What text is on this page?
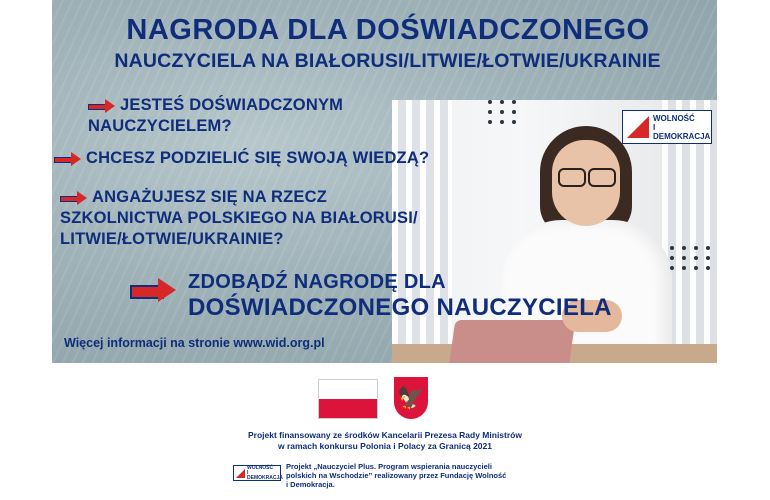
NAGRODA DLA DOŚWIADCZONEGO
NAUCZYCIELA NA BIAŁORUSI/LITWIE/ŁOTWIE/UKRAINIE
JESTEŚ DOŚWIADCZONYM
NAUCZYCIELEM?
CHCESZ PODZIELIĆ SIĘ SWOJĄ WIEDZĄ?
ANGAŻUJESZ SIĘ NA RZECZ
SZKOLNICTWA POLSKIEGO NA BIAŁORUSI/
LITWIE/ŁOTWIE/UKRAINIE?
ZDOBĄDŹ NAGRODĘ DLA
DOŚWIADCZONEGO NAUCZYCIELA
Więcej informacji na stronie www.wid.org.pl
WOLNOŚĆ
I DEMOKRACJA
🦅
Projekt finansowany ze środków Kancelarii Prezesa Rady Ministrów
w ramach konkursu Polonia i Polacy za Granicą 2021
WOLNOŚĆ
I DEMOKRACJA
Projekt „Nauczyciel Plus. Program wspierania nauczycieli
polskich na Wschodzie” realizowany przez Fundację Wolność
i Demokracja.
